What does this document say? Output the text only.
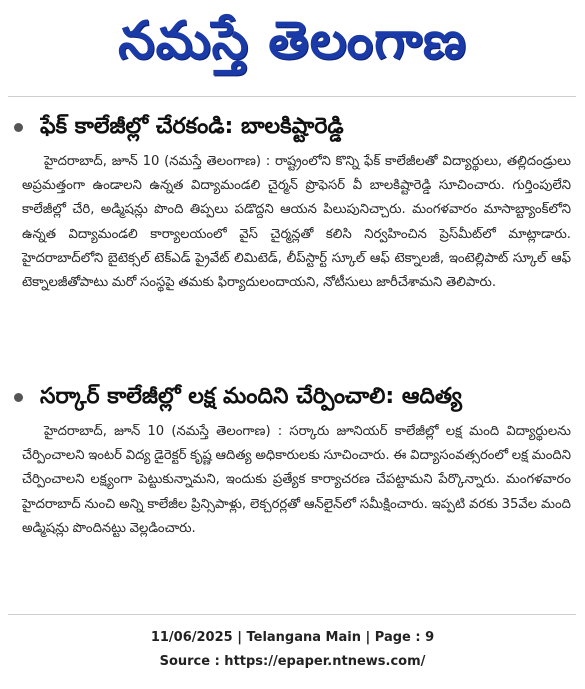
నమస్తే తెలంగాణ
ఫేక్ కాలేజీల్లో చేరకండి: బాలకిష్టారెడ్డి

హైదరాబాద్, జూన్ 10 (నమస్తే తెలంగాణ) : రాష్ట్రంలోని కొన్ని ఫేక్ కాలేజీలతో విద్యార్థులు, తల్లిదండ్రులు అప్రమత్తంగా ఉండాలని ఉన్నత విద్యామండలి చైర్మన్ ప్రొఫెసర్ వీ బాలకిష్టారెడ్డి సూచించారు. గుర్తింపులేని కాలేజీల్లో చేరి, అడ్మిషన్లు పొంది తిప్పలు పడొద్దని ఆయన పిలుపునిచ్చారు. మంగళవారం మాసాబ్ట్యాంక్‌లోని ఉన్నత విద్యామండలి కార్యాలయంలో వైస్ చైర్మన్లతో కలిసి నిర్వహించిన ప్రెస్‌మీట్‌లో మాట్లాడారు. హైదరాబాద్‌లోని బైటెక్సల్ టెక్ఎడ్ ప్రైవేట్ లిమిటెడ్, లీప్‌స్టార్ట్ స్కూల్ ఆఫ్ టెక్నాలజీ, ఇంటెల్లిపాట్ స్కూల్ ఆఫ్ టెక్నాలజీతోపాటు మరో సంస్థపై తమకు ఫిర్యాదులందాయని, నోటీసులు జారీచేశామని తెలిపారు.

సర్కార్ కాలేజీల్లో లక్ష మందిని చేర్పించాలి: ఆదిత్య

హైదరాబాద్, జూన్ 10 (నమస్తే తెలంగాణ) : సర్కారు జూనియర్ కాలేజీల్లో లక్ష మంది విద్యార్థులను చేర్పించాలని ఇంటర్ విద్య డైరెక్టర్ కృష్ణ ఆదిత్య అధికారులకు సూచించారు. ఈ విద్యాసంవత్సరంలో లక్ష మందిని చేర్పించాలని లక్ష్యంగా పెట్టుకున్నామని, ఇందుకు ప్రత్యేక కార్యాచరణ చేపట్టామని పేర్కొన్నారు. మంగళవారం హైదరాబాద్ నుంచి అన్ని కాలేజీల ప్రిన్సిపాళ్లు, లెక్చరర్లతో ఆన్‌లైన్‌లో సమీక్షించారు. ఇప్పటి వరకు 35వేల మంది అడ్మిషన్లు పొందినట్టు వెల్లడించారు.

11/06/2025 | Telangana Main | Page : 9
Source : https://epaper.ntnews.com/
